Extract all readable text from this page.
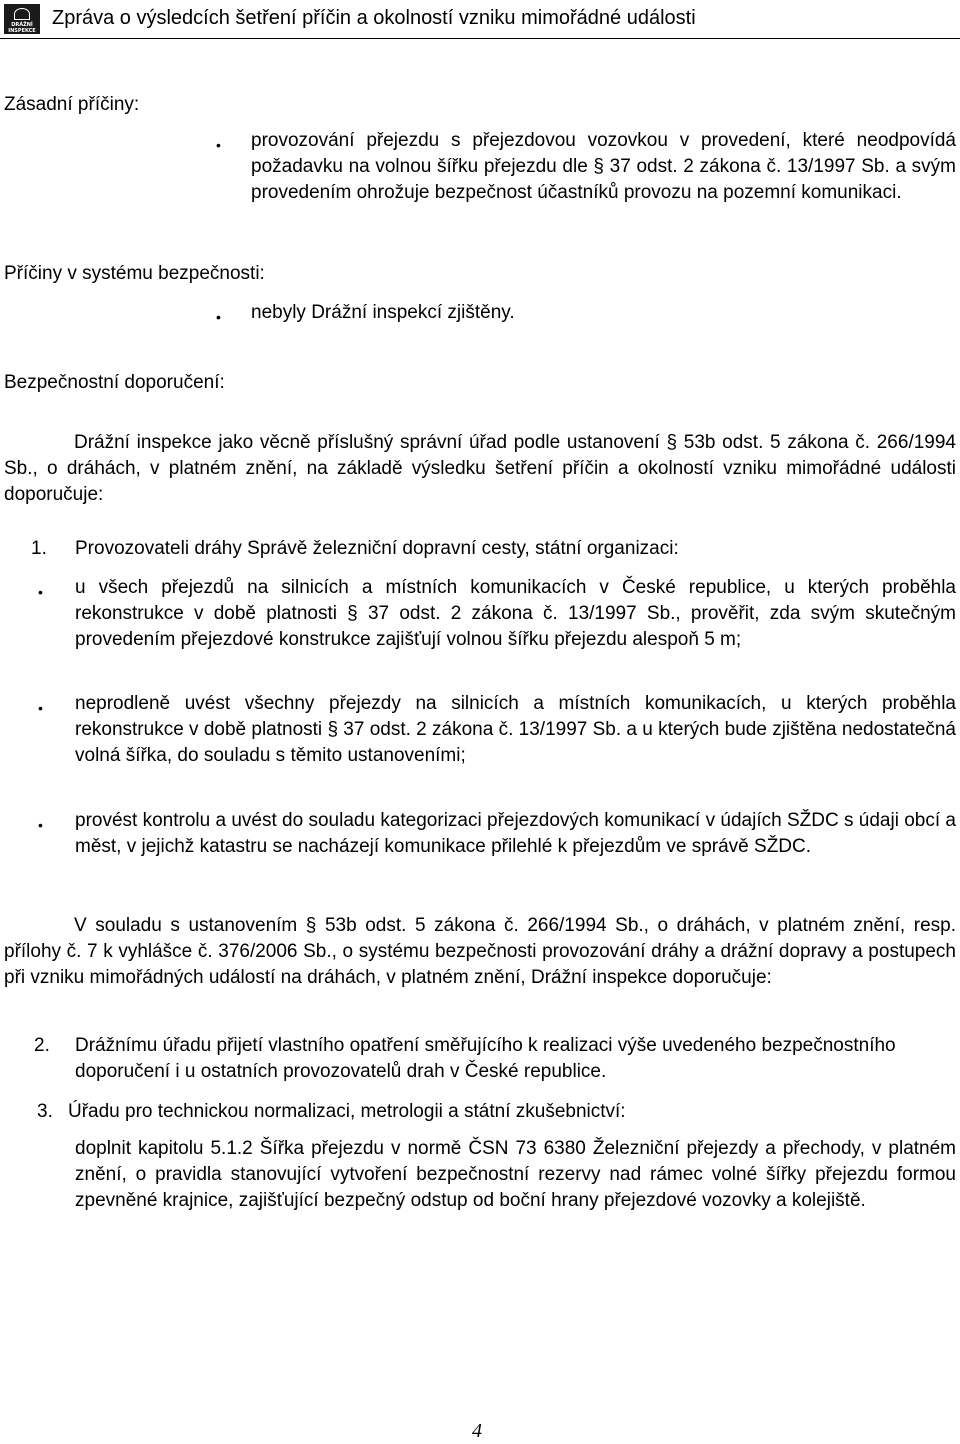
DRÁŽNÍ INSPEKCE
Zpráva o výsledcích šetření příčin a okolností vzniku mimořádné události
Zásadní příčiny:
• provozování přejezdu s přejezdovou vozovkou v provedení, které neodpovídá požadavku na volnou šířku přejezdu dle § 37 odst. 2 zákona č. 13/1997 Sb. a svým provedením ohrožuje bezpečnost účastníků provozu na pozemní komunikaci.
Příčiny v systému bezpečnosti:
• nebyly Drážní inspekcí zjištěny.
Bezpečnostní doporučení:
Drážní inspekce jako věcně příslušný správní úřad podle ustanovení § 53b odst. 5 zákona č. 266/1994 Sb., o dráhách, v platném znění, na základě výsledku šetření příčin a okolností vzniku mimořádné události doporučuje:
1. Provozovateli dráhy Správě železniční dopravní cesty, státní organizaci:
• u všech přejezdů na silnicích a místních komunikacích v České republice, u kterých proběhla rekonstrukce v době platnosti § 37 odst. 2 zákona č. 13/1997 Sb., prověřit, zda svým skutečným provedením přejezdové konstrukce zajišťují volnou šířku přejezdu alespoň 5 m;
• neprodleně uvést všechny přejezdy na silnicích a místních komunikacích, u kterých proběhla rekonstrukce v době platnosti § 37 odst. 2 zákona č. 13/1997 Sb. a u kterých bude zjištěna nedostatečná volná šířka, do souladu s těmito ustanoveními;
• provést kontrolu a uvést do souladu kategorizaci přejezdových komunikací v údajích SŽDC s údaji obcí a měst, v jejichž katastru se nacházejí komunikace přilehlé k přejezdům ve správě SŽDC.
V souladu s ustanovením § 53b odst. 5 zákona č. 266/1994 Sb., o dráhách, v platném znění, resp. přílohy č. 7 k vyhlášce č. 376/2006 Sb., o systému bezpečnosti provozování dráhy a drážní dopravy a postupech při vzniku mimořádných událostí na dráhách, v platném znění, Drážní inspekce doporučuje:
2. Drážnímu úřadu přijetí vlastního opatření směřujícího k realizaci výše uvedeného bezpečnostního doporučení i u ostatních provozovatelů drah v České republice.
3. Úřadu pro technickou normalizaci, metrologii a státní zkušebnictví:
doplnit kapitolu 5.1.2 Šířka přejezdu v normě ČSN 73 6380 Železniční přejezdy a přechody, v platném znění, o pravidla stanovující vytvoření bezpečnostní rezervy nad rámec volné šířky přejezdu formou zpevněné krajnice, zajišťující bezpečný odstup od boční hrany přejezdové vozovky a kolejiště.
4
